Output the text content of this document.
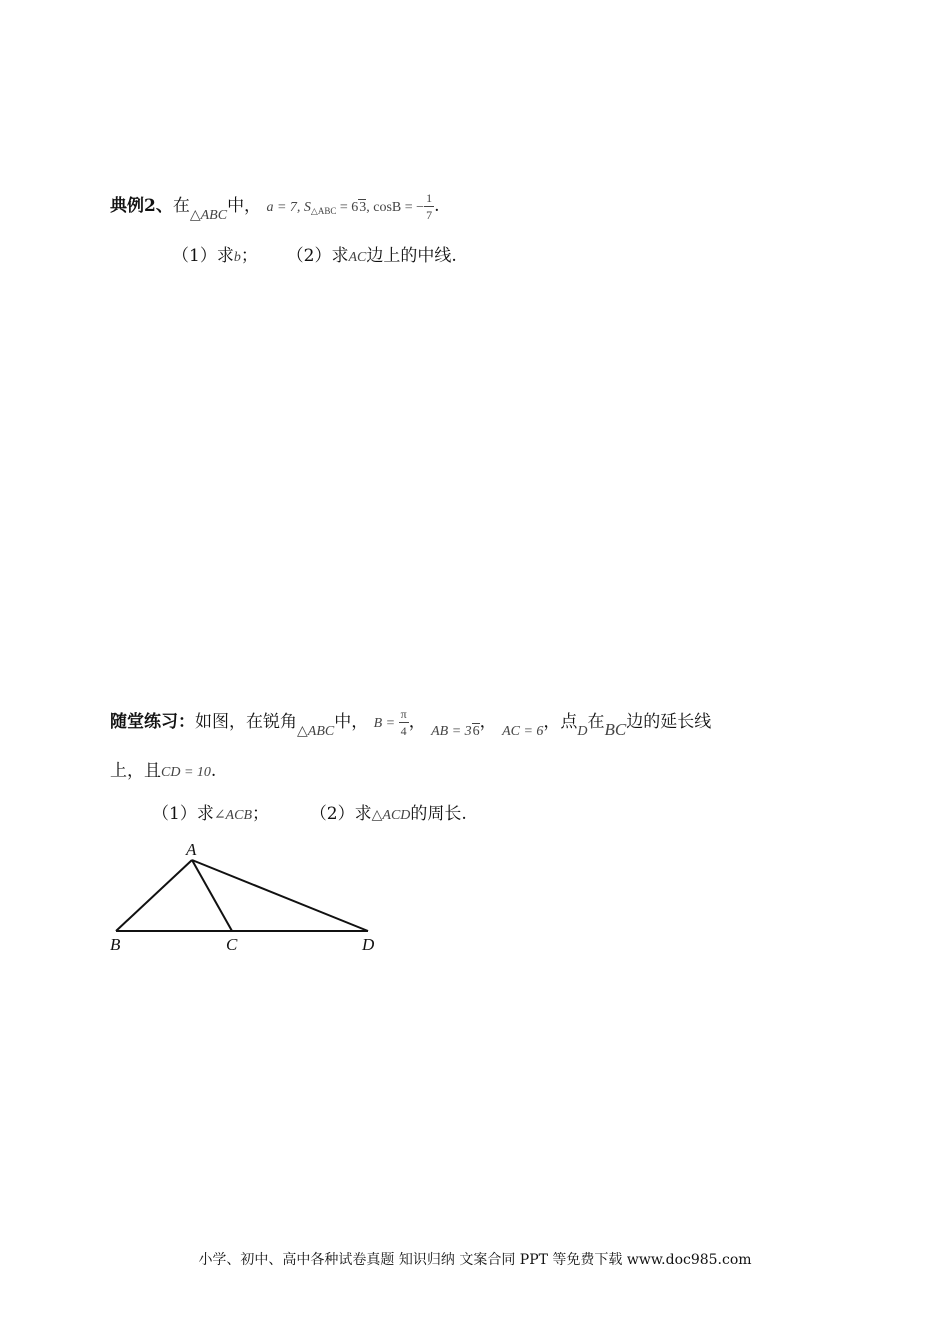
典例2、在$_{\triangle ABC}$中， a = 7, $S_{\triangle ABC} = 63$, cosB = − $\frac{1}{7}$ .
（1）求b； （2）求AC边上的中线.
随堂练习：如图，在锐角$_{\triangle ABC}$中， $B = \frac{\pi}{4}$ ， $_{AB = 36}$， $_{AC = 6}$，点$_D$在BC边的延长线
上，且CD = 10.
（1）求∠ACB； （2）求△ACD的周长.
A
B	C	D
小学、初中、高中各种试卷真题 知识归纳 文案合同 PPT 等免费下载 www.doc985.com
